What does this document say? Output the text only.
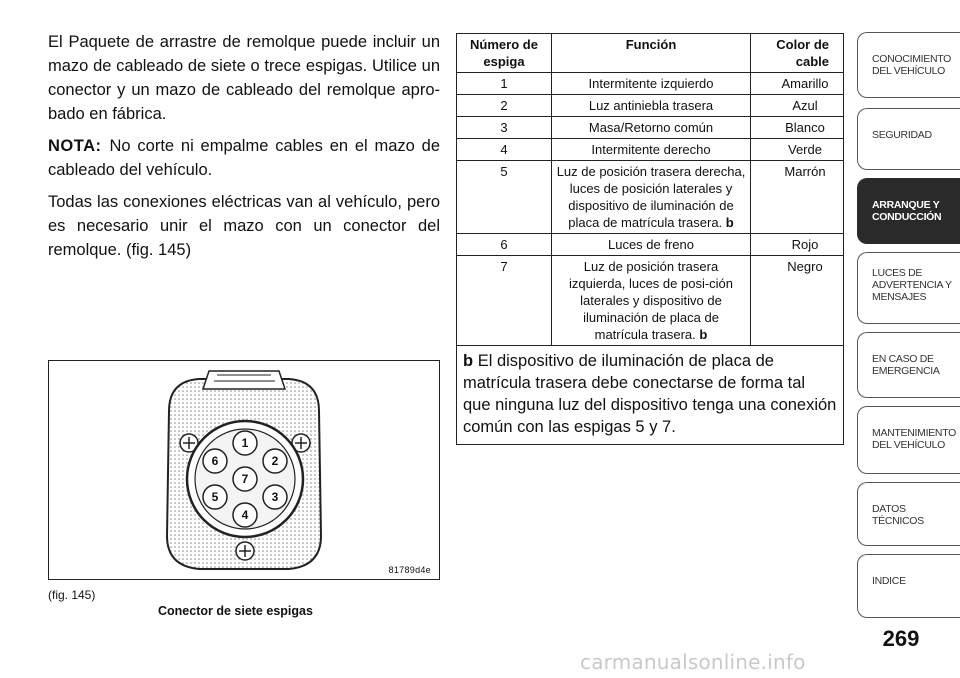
El Paquete de arrastre de remolque puede incluir un mazo de cableado de siete o trece espigas. Utilice un conector y un mazo de cableado del remolque apro-bado en fábrica.

NOTA: No corte ni empalme cables en el mazo de cableado del vehículo.

Todas las conexiones eléctricas van al vehículo, pero es necesario unir el mazo con un conector del remolque. (fig. 145)

1
2
3
4
5
6
7
81789d4e
(fig. 145)
Conector de siete espigas
Número de espiga	Función	Color de cable
1	Intermitente izquierdo	Amarillo
2	Luz antiniebla trasera	Azul
3	Masa/Retorno común	Blanco
4	Intermitente derecho	Verde
5	Luz de posición trasera derecha, luces de posición laterales y dispositivo de iluminación de placa de matrícula trasera. b	Marrón
6	Luces de freno	Rojo
7	Luz de posición trasera izquierda, luces de posi-ción laterales y dispositivo de iluminación de placa de matrícula trasera. b	Negro
b El dispositivo de iluminación de placa de matrícula trasera debe conectarse de forma tal que ninguna luz del dispositivo tenga una conexión común con las espigas 5 y 7.		
CONOCIMIENTO DEL VEHÍCULO
SEGURIDAD
ARRANQUE Y CONDUCCIÓN
LUCES DE ADVERTENCIA Y MENSAJES
EN CASO DE EMERGENCIA
MANTENIMIENTO DEL VEHÍCULO
DATOS TÉCNICOS
INDICE
269
carmanualsonline.info
